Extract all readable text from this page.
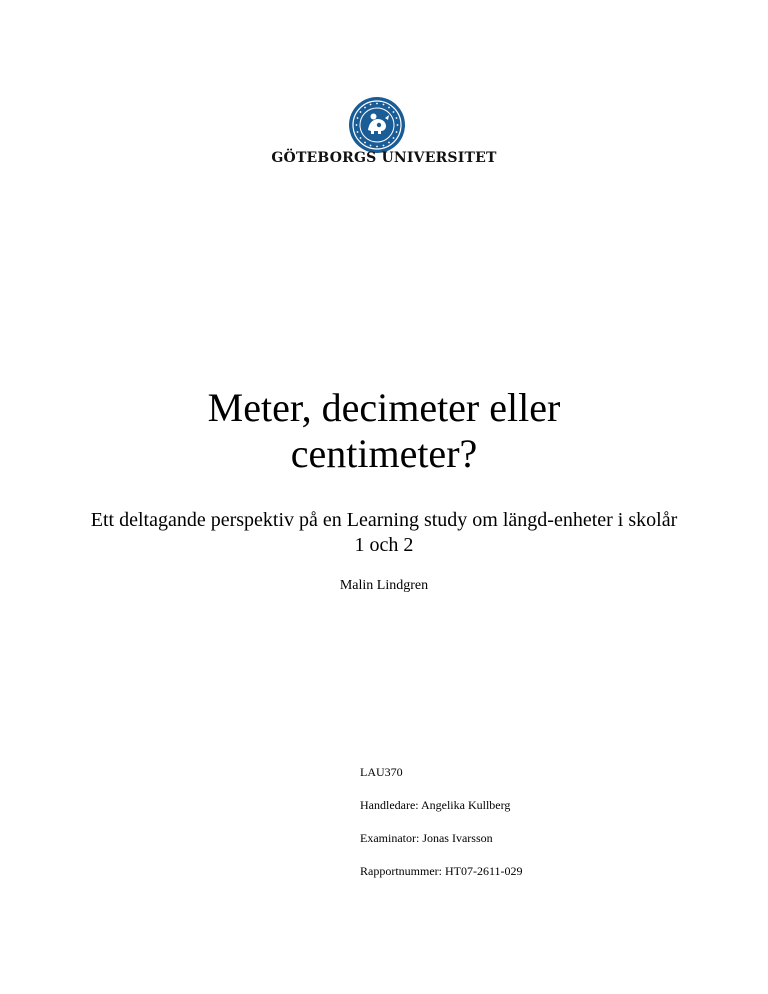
GÖTEBORGS UNIVERSITET
Meter, decimeter eller
centimeter?

Ett deltagande perspektiv på en Learning study om längd-enheter i skolår 1 och 2

Malin Lindgren

LAU370

Handledare: Angelika Kullberg

Examinator: Jonas Ivarsson

Rapportnummer: HT07-2611-029
